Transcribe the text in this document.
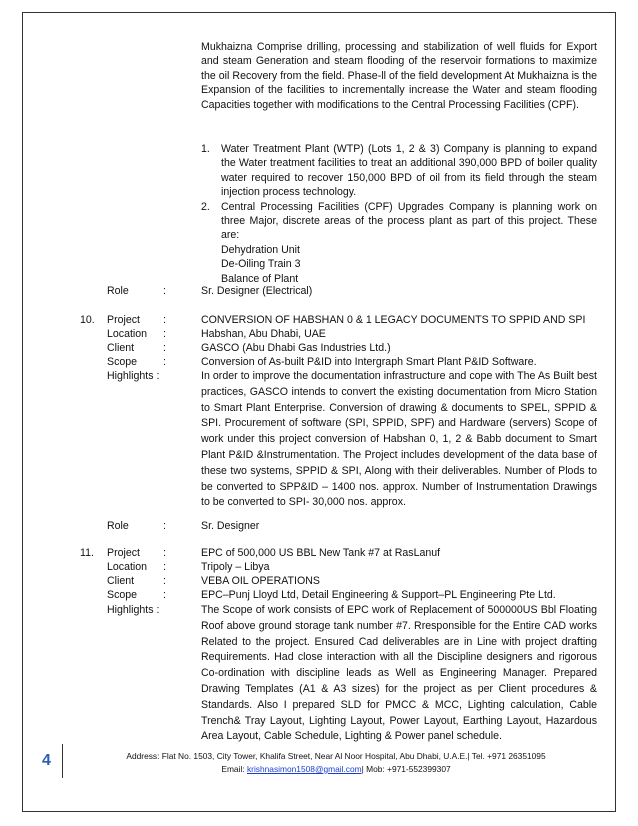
Mukhaizna Comprise drilling, processing and stabilization of well fluids for Export and steam Generation and steam flooding of the reservoir formations to maximize the oil Recovery from the field. Phase-ll of the field development At Mukhaizna is the Expansion of the facilities to incrementally increase the Water and steam flooding Capacities together with modifications to the Central Processing Facilities (CPF).
1. Water Treatment Plant (WTP) (Lots 1, 2 & 3) Company is planning to expand the Water treatment facilities to treat an additional 390,000 BPD of boiler quality water required to recover 150,000 BPD of oil from its field through the steam injection process technology.
2. Central Processing Facilities (CPF) Upgrades Company is planning work on three Major, discrete areas of the process plant as part of this project. These are:
Dehydration Unit
De-Oiling Train 3
Balance of Plant
Role	:	Sr. Designer (Electrical)
10. Project	:	CONVERSION OF HABSHAN 0 & 1 LEGACY DOCUMENTS TO SPPID AND SPI
Location	:	Habshan, Abu Dhabi, UAE
Client	:	GASCO (Abu Dhabi Gas Industries Ltd.)
Scope	:	Conversion of As-built P&ID into Intergraph Smart Plant P&ID Software.
Highlights :	In order to improve the documentation infrastructure and cope with The As Built best practices, GASCO intends to convert the existing documentation from Micro Station to Smart Plant Enterprise. Conversion of drawing & documents to SPEL, SPPID & SPI. Procurement of software (SPI, SPPID, SPF) and Hardware (servers) Scope of work under this project conversion of Habshan 0, 1, 2 & Babb document to Smart Plant P&ID &Instrumentation. The Project includes development of the data base of these two systems, SPPID & SPI, Along with their deliverables. Number of Plods to be converted to SPP&ID – 1400 nos. approx. Number of Instrumentation Drawings to be converted to SPI- 30,000 nos. approx.
Role	:	Sr. Designer
11. Project	:	EPC of 500,000 US BBL New Tank #7 at RasLanuf
Location	:	Tripoly – Libya
Client	:	VEBA OIL OPERATIONS
Scope	:	EPC–Punj Lloyd Ltd, Detail Engineering & Support–PL Engineering Pte Ltd.
Highlights :	The Scope of work consists of EPC work of Replacement of 500000US Bbl Floating Roof above ground storage tank number #7. Rresponsible for the Entire CAD works Related to the project. Ensured Cad deliverables are in Line with project drafting Requirements. Had close interaction with all the Discipline designers and rigorous Co-ordination with discipline leads as Well as Engineering Manager. Prepared Drawing Templates (A1 & A3 sizes) for the project as per Client procedures & Standards. Also I prepared SLD for PMCC & MCC, Lighting calculation, Cable Trench& Tray Layout, Lighting Layout, Power Layout, Earthing Layout, Hazardous Area Layout, Cable Schedule, Lighting & Power panel schedule.
4	Address: Flat No. 1503, City Tower, Khalifa Street, Near Al Noor Hospital, Abu Dhabi, U.A.E.| Tel. +971 26351095
Email: krishnasimon1508@gmail.com| Mob: +971-552399307
